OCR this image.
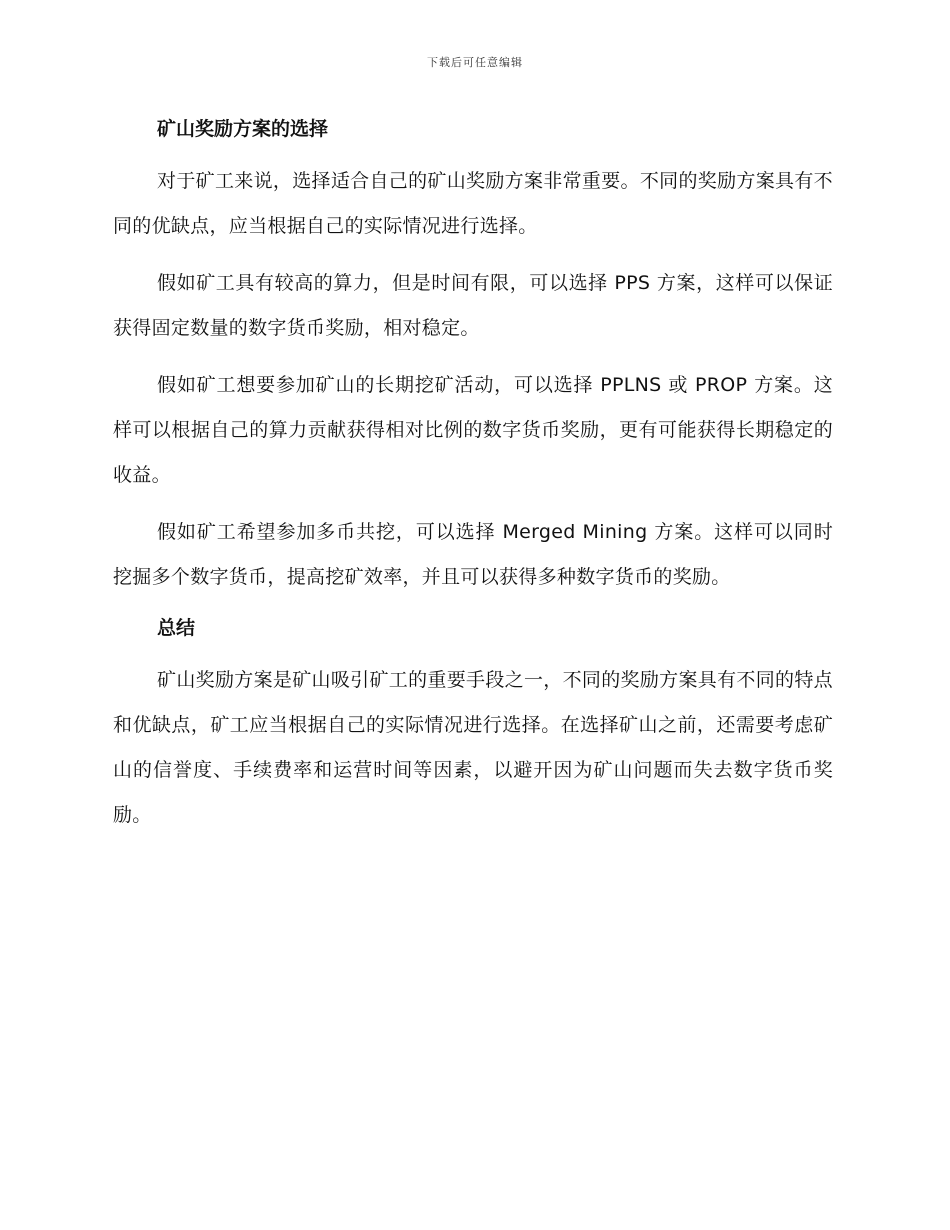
下载后可任意编辑
矿山奖励方案的选择

对于矿工来说，选择适合自己的矿山奖励方案非常重要。不同的奖励方案具有不同的优缺点，应当根据自己的实际情况进行选择。

假如矿工具有较高的算力，但是时间有限，可以选择 PPS 方案，这样可以保证获得固定数量的数字货币奖励，相对稳定。

假如矿工想要参加矿山的长期挖矿活动，可以选择 PPLNS 或 PROP 方案。这样可以根据自己的算力贡献获得相对比例的数字货币奖励，更有可能获得长期稳定的收益。

假如矿工希望参加多币共挖，可以选择 Merged Mining 方案。这样可以同时挖掘多个数字货币，提高挖矿效率，并且可以获得多种数字货币的奖励。

总结

矿山奖励方案是矿山吸引矿工的重要手段之一，不同的奖励方案具有不同的特点和优缺点，矿工应当根据自己的实际情况进行选择。在选择矿山之前，还需要考虑矿山的信誉度、手续费率和运营时间等因素，以避开因为矿山问题而失去数字货币奖励。
